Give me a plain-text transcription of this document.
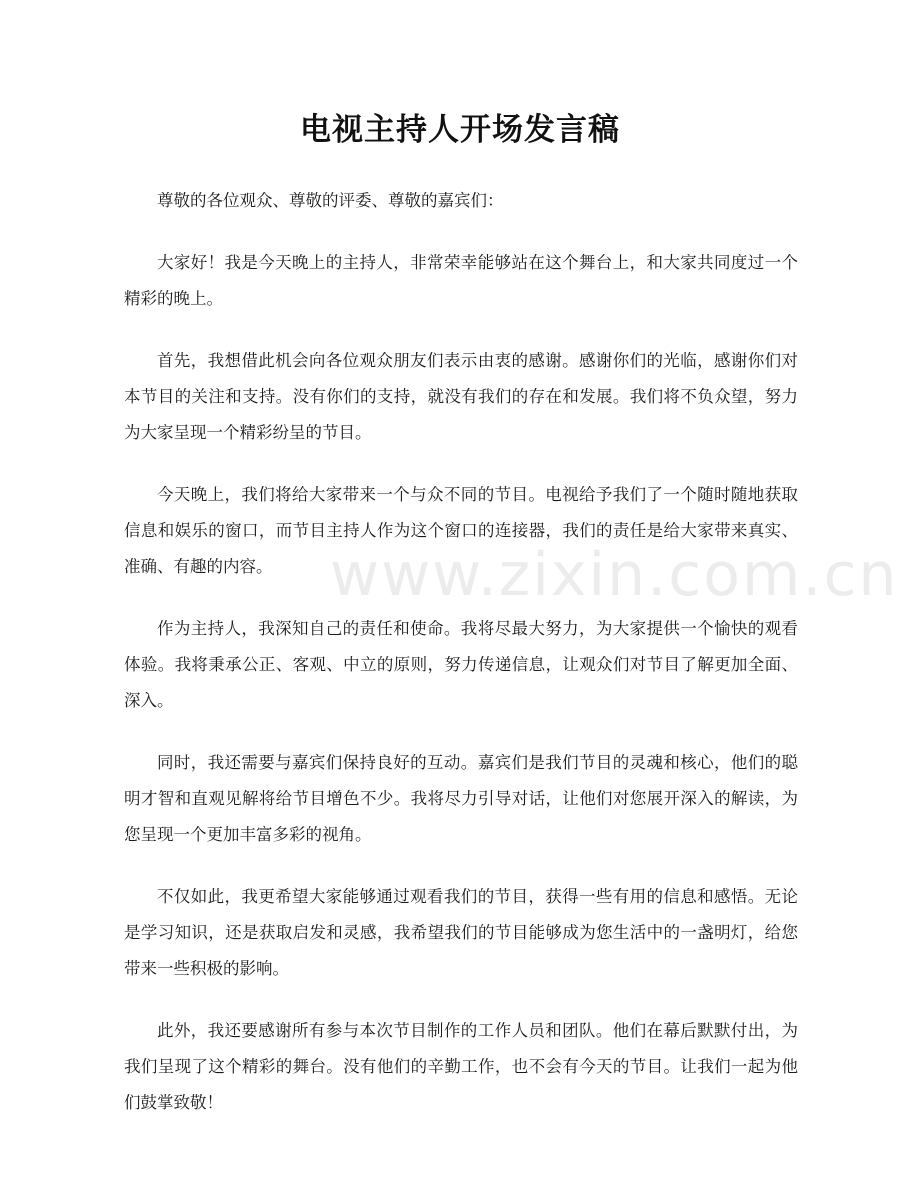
www.zixin.com.cn
电视主持人开场发言稿

尊敬的各位观众、尊敬的评委、尊敬的嘉宾们：

大家好！我是今天晚上的主持人，非常荣幸能够站在这个舞台上，和大家共同度过一个精彩的晚上。

首先，我想借此机会向各位观众朋友们表示由衷的感谢。感谢你们的光临，感谢你们对本节目的关注和支持。没有你们的支持，就没有我们的存在和发展。我们将不负众望，努力为大家呈现一个精彩纷呈的节目。

今天晚上，我们将给大家带来一个与众不同的节目。电视给予我们了一个随时随地获取信息和娱乐的窗口，而节目主持人作为这个窗口的连接器，我们的责任是给大家带来真实、准确、有趣的内容。

作为主持人，我深知自己的责任和使命。我将尽最大努力，为大家提供一个愉快的观看体验。我将秉承公正、客观、中立的原则，努力传递信息，让观众们对节目了解更加全面、深入。

同时，我还需要与嘉宾们保持良好的互动。嘉宾们是我们节目的灵魂和核心，他们的聪明才智和直观见解将给节目增色不少。我将尽力引导对话，让他们对您展开深入的解读，为您呈现一个更加丰富多彩的视角。

不仅如此，我更希望大家能够通过观看我们的节目，获得一些有用的信息和感悟。无论是学习知识，还是获取启发和灵感，我希望我们的节目能够成为您生活中的一盏明灯，给您带来一些积极的影响。

此外，我还要感谢所有参与本次节目制作的工作人员和团队。他们在幕后默默付出，为我们呈现了这个精彩的舞台。没有他们的辛勤工作，也不会有今天的节目。让我们一起为他们鼓掌致敬！
